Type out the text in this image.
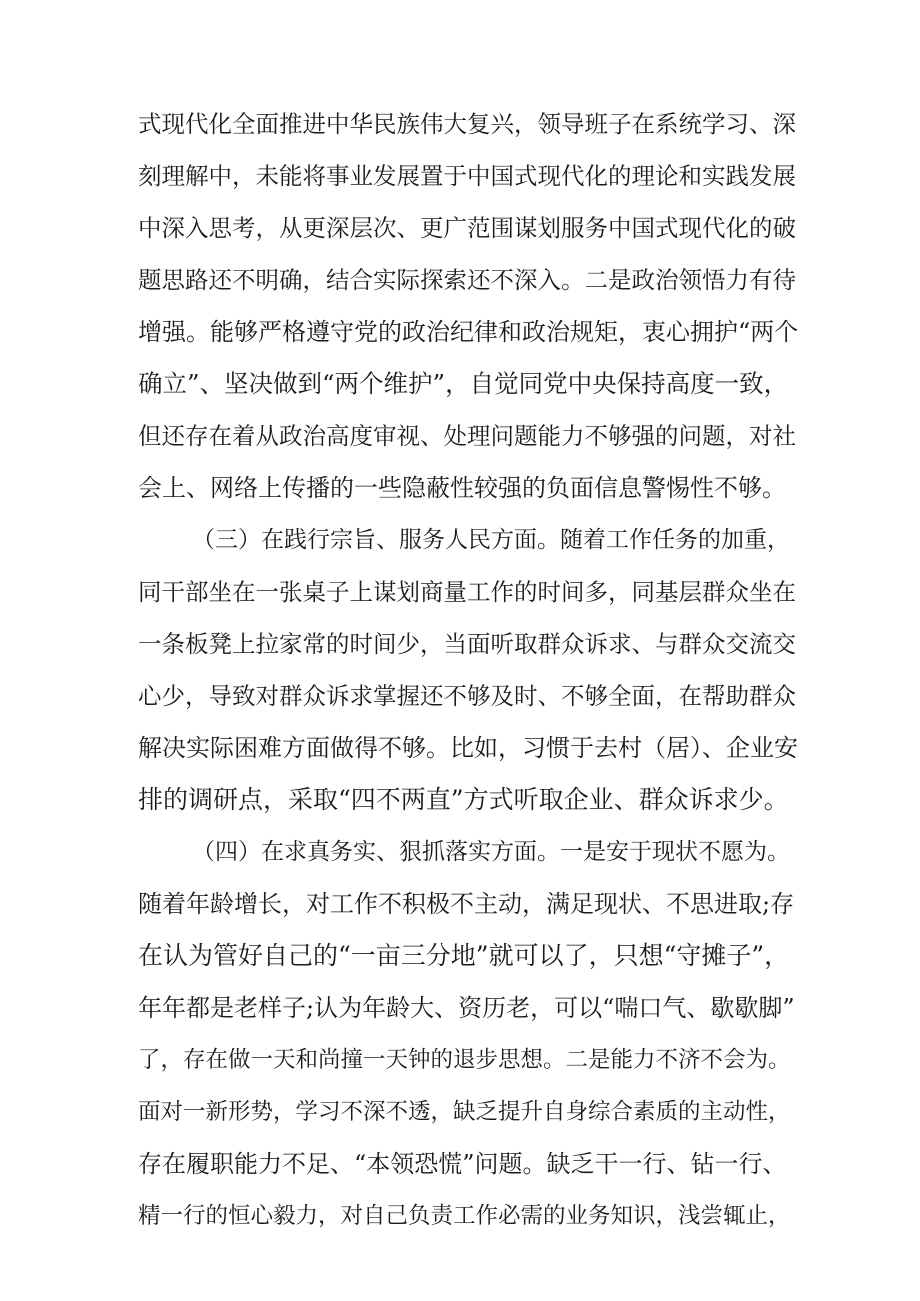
式现代化全面推进中华民族伟大复兴，领导班子在系统学习、深
刻理解中，未能将事业发展置于中国式现代化的理论和实践发展
中深入思考，从更深层次、更广范围谋划服务中国式现代化的破
题思路还不明确，结合实际探索还不深入。二是政治领悟力有待
增强。能够严格遵守党的政治纪律和政治规矩，衷心拥护“两个
确立”、坚决做到“两个维护”，自觉同党中央保持高度一致，
但还存在着从政治高度审视、处理问题能力不够强的问题，对社
会上、网络上传播的一些隐蔽性较强的负面信息警惕性不够。
（三）在践行宗旨、服务人民方面。随着工作任务的加重，
同干部坐在一张桌子上谋划商量工作的时间多，同基层群众坐在
一条板凳上拉家常的时间少，当面听取群众诉求、与群众交流交
心少，导致对群众诉求掌握还不够及时、不够全面，在帮助群众
解决实际困难方面做得不够。比如，习惯于去村（居）、企业安
排的调研点，采取“四不两直”方式听取企业、群众诉求少。
（四）在求真务实、狠抓落实方面。一是安于现状不愿为。
随着年龄增长，对工作不积极不主动，满足现状、不思进取;存
在认为管好自己的“一亩三分地”就可以了，只想“守摊子”，
年年都是老样子;认为年龄大、资历老，可以“喘口气、歇歇脚”
了，存在做一天和尚撞一天钟的退步思想。二是能力不济不会为。
面对一新形势，学习不深不透，缺乏提升自身综合素质的主动性，
存在履职能力不足、“本领恐慌”问题。缺乏干一行、钻一行、
精一行的恒心毅力，对自己负责工作必需的业务知识，浅尝辄止，
